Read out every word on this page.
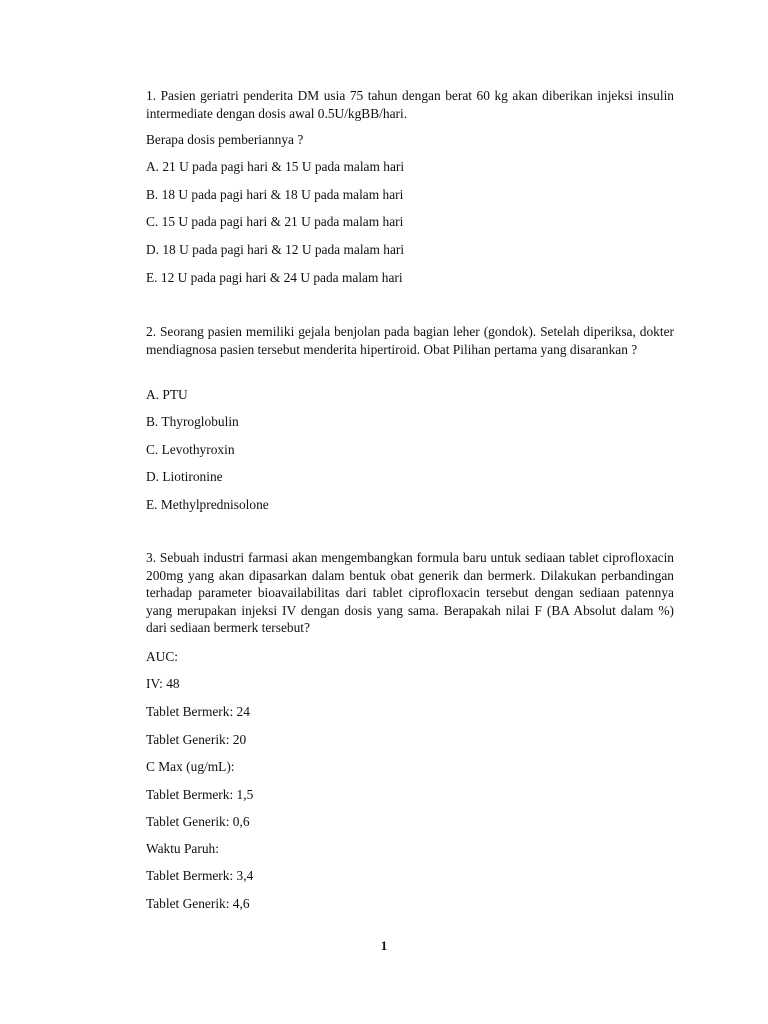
1. Pasien geriatri penderita DM usia 75 tahun dengan berat 60 kg akan diberikan injeksi insulin intermediate dengan dosis awal 0.5U/kgBB/hari.
Berapa dosis pemberiannya ?
A. 21 U pada pagi hari & 15 U pada malam hari
B. 18 U pada pagi hari & 18 U pada malam hari
C. 15 U pada pagi hari & 21 U pada malam hari
D. 18 U pada pagi hari & 12 U pada malam hari
E. 12 U pada pagi hari & 24 U pada malam hari
2. Seorang pasien memiliki gejala benjolan pada bagian leher (gondok). Setelah diperiksa, dokter mendiagnosa pasien tersebut menderita hipertiroid. Obat Pilihan pertama yang disarankan ?
A. PTU
B. Thyroglobulin
C. Levothyroxin
D. Liotironine
E. Methylprednisolone
3. Sebuah industri farmasi akan mengembangkan formula baru untuk sediaan tablet ciprofloxacin 200mg yang akan dipasarkan dalam bentuk obat generik dan bermerk. Dilakukan perbandingan terhadap parameter bioavailabilitas dari tablet ciprofloxacin tersebut dengan sediaan patennya yang merupakan injeksi IV dengan dosis yang sama. Berapakah nilai F (BA Absolut dalam %) dari sediaan bermerk tersebut?
AUC:
IV: 48
Tablet Bermerk: 24
Tablet Generik: 20
C Max (ug/mL):
Tablet Bermerk: 1,5
Tablet Generik: 0,6
Waktu Paruh:
Tablet Bermerk: 3,4
Tablet Generik: 4,6
1
